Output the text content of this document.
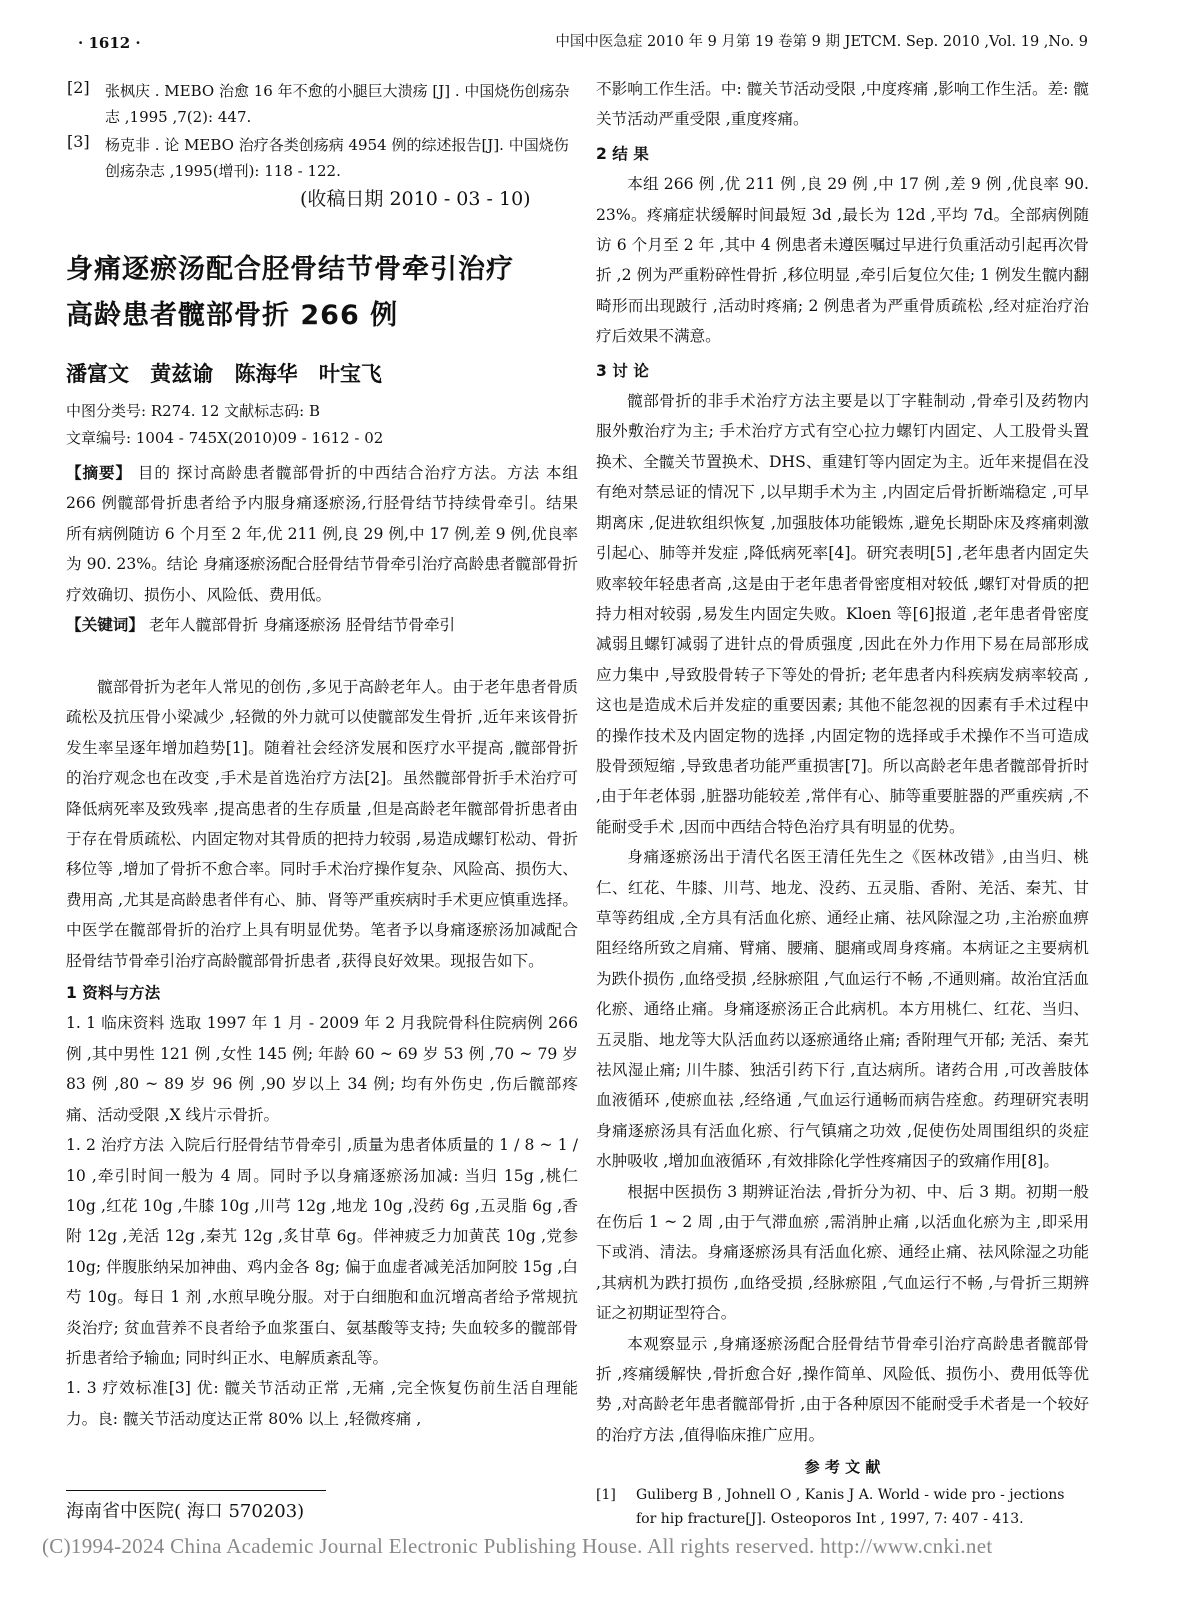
· 1612 ·	中国中医急症 2010 年 9 月第 19 卷第 9 期 JETCM. Sep. 2010 ,Vol. 19 ,No. 9
[2]	张枫庆 . MEBO 治愈 16 年不愈的小腿巨大溃疡 [J] . 中国烧伤创疡杂志 ,1995 ,7(2): 447.

[3]	杨克非 . 论 MEBO 治疗各类创疡病 4954 例的综述报告[J]. 中国烧伤创疡杂志 ,1995(增刊): 118 - 122.

(收稿日期 2010 - 03 - 10)
身痛逐瘀汤配合胫骨结节骨牵引治疗
高龄患者髋部骨折 266 例
潘富文 黄兹谕 陈海华 叶宝飞
中图分类号: R274. 12 文献标志码: B
文章编号: 1004 - 745X(2010)09 - 1612 - 02

【摘要】 目的 探讨高龄患者髋部骨折的中西结合治疗方法。方法 本组 266 例髋部骨折患者给予内服身痛逐瘀汤,行胫骨结节持续骨牵引。结果 所有病例随访 6 个月至 2 年,优 211 例,良 29 例,中 17 例,差 9 例,优良率为 90. 23%。结论 身痛逐瘀汤配合胫骨结节骨牵引治疗高龄患者髋部骨折疗效确切、损伤小、风险低、费用低。

【关键词】 老年人髋部骨折 身痛逐瘀汤 胫骨结节骨牵引

髋部骨折为老年人常见的创伤 ,多见于高龄老年人。由于老年患者骨质疏松及抗压骨小梁减少 ,轻微的外力就可以使髋部发生骨折 ,近年来该骨折发生率呈逐年增加趋势[1]。随着社会经济发展和医疗水平提高 ,髋部骨折的治疗观念也在改变 ,手术是首选治疗方法[2]。虽然髋部骨折手术治疗可降低病死率及致残率 ,提高患者的生存质量 ,但是高龄老年髋部骨折患者由于存在骨质疏松、内固定物对其骨质的把持力较弱 ,易造成螺钉松动、骨折移位等 ,增加了骨折不愈合率。同时手术治疗操作复杂、风险高、损伤大、费用高 ,尤其是高龄患者伴有心、肺、肾等严重疾病时手术更应慎重选择。中医学在髋部骨折的治疗上具有明显优势。笔者予以身痛逐瘀汤加减配合胫骨结节骨牵引治疗高龄髋部骨折患者 ,获得良好效果。现报告如下。

1 资料与方法

1. 1 临床资料 选取 1997 年 1 月 - 2009 年 2 月我院骨科住院病例 266 例 ,其中男性 121 例 ,女性 145 例; 年龄 60 ~ 69 岁 53 例 ,70 ~ 79 岁 83 例 ,80 ~ 89 岁 96 例 ,90 岁以上 34 例; 均有外伤史 ,伤后髋部疼痛、活动受限 ,X 线片示骨折。

1. 2 治疗方法 入院后行胫骨结节骨牵引 ,质量为患者体质量的 1 / 8 ~ 1 / 10 ,牵引时间一般为 4 周。同时予以身痛逐瘀汤加减: 当归 15g ,桃仁 10g ,红花 10g ,牛膝 10g ,川芎 12g ,地龙 10g ,没药 6g ,五灵脂 6g ,香附 12g ,羌活 12g ,秦艽 12g ,炙甘草 6g。伴神疲乏力加黄芪 10g ,党参 10g; 伴腹胀纳呆加神曲、鸡内金各 8g; 偏于血虚者减羌活加阿胶 15g ,白芍 10g。每日 1 剂 ,水煎早晚分服。对于白细胞和血沉增高者给予常规抗炎治疗; 贫血营养不良者给予血浆蛋白、氨基酸等支持; 失血较多的髋部骨折患者给予输血; 同时纠正水、电解质紊乱等。

1. 3 疗效标准[3] 优: 髋关节活动正常 ,无痛 ,完全恢复伤前生活自理能力。良: 髋关节活动度达正常 80% 以上 ,轻微疼痛 ,

海南省中医院( 海口 570203)

不影响工作生活。中: 髋关节活动受限 ,中度疼痛 ,影响工作生活。差: 髋关节活动严重受限 ,重度疼痛。

2 结 果

本组 266 例 ,优 211 例 ,良 29 例 ,中 17 例 ,差 9 例 ,优良率 90. 23%。疼痛症状缓解时间最短 3d ,最长为 12d ,平均 7d。全部病例随访 6 个月至 2 年 ,其中 4 例患者未遵医嘱过早进行负重活动引起再次骨折 ,2 例为严重粉碎性骨折 ,移位明显 ,牵引后复位欠佳; 1 例发生髋内翻畸形而出现跛行 ,活动时疼痛; 2 例患者为严重骨质疏松 ,经对症治疗治疗后效果不满意。

3 讨 论

髋部骨折的非手术治疗方法主要是以丁字鞋制动 ,骨牵引及药物内服外敷治疗为主; 手术治疗方式有空心拉力螺钉内固定、人工股骨头置换术、全髋关节置换术、DHS、重建钉等内固定为主。近年来提倡在没有绝对禁忌证的情况下 ,以早期手术为主 ,内固定后骨折断端稳定 ,可早期离床 ,促进软组织恢复 ,加强肢体功能锻炼 ,避免长期卧床及疼痛刺激引起心、肺等并发症 ,降低病死率[4]。研究表明[5] ,老年患者内固定失败率较年轻患者高 ,这是由于老年患者骨密度相对较低 ,螺钉对骨质的把持力相对较弱 ,易发生内固定失败。Kloen 等[6]报道 ,老年患者骨密度减弱且螺钉减弱了进针点的骨质强度 ,因此在外力作用下易在局部形成应力集中 ,导致股骨转子下等处的骨折; 老年患者内科疾病发病率较高 ,这也是造成术后并发症的重要因素; 其他不能忽视的因素有手术过程中的操作技术及内固定物的选择 ,内固定物的选择或手术操作不当可造成股骨颈短缩 ,导致患者功能严重损害[7]。所以高龄老年患者髋部骨折时 ,由于年老体弱 ,脏器功能较差 ,常伴有心、肺等重要脏器的严重疾病 ,不能耐受手术 ,因而中西结合特色治疗具有明显的优势。

身痛逐瘀汤出于清代名医王清任先生之《医林改错》,由当归、桃仁、红花、牛膝、川芎、地龙、没药、五灵脂、香附、羌活、秦艽、甘草等药组成 ,全方具有活血化瘀、通经止痛、祛风除湿之功 ,主治瘀血痹阻经络所致之肩痛、臂痛、腰痛、腿痛或周身疼痛。本病证之主要病机为跌仆损伤 ,血络受损 ,经脉瘀阻 ,气血运行不畅 ,不通则痛。故治宜活血化瘀、通络止痛。身痛逐瘀汤正合此病机。本方用桃仁、红花、当归、五灵脂、地龙等大队活血药以逐瘀通络止痛; 香附理气开郁; 羌活、秦艽祛风湿止痛; 川牛膝、独活引药下行 ,直达病所。诸药合用 ,可改善肢体血液循环 ,使瘀血祛 ,经络通 ,气血运行通畅而病告痊愈。药理研究表明身痛逐瘀汤具有活血化瘀、行气镇痛之功效 ,促使伤处周围组织的炎症水肿吸收 ,增加血液循环 ,有效排除化学性疼痛因子的致痛作用[8]。

根据中医损伤 3 期辨证治法 ,骨折分为初、中、后 3 期。初期一般在伤后 1 ~ 2 周 ,由于气滞血瘀 ,需消肿止痛 ,以活血化瘀为主 ,即采用下或消、清法。身痛逐瘀汤具有活血化瘀、通经止痛、祛风除湿之功能 ,其病机为跌打损伤 ,血络受损 ,经脉瘀阻 ,气血运行不畅 ,与骨折三期辨证之初期证型符合。

本观察显示 ,身痛逐瘀汤配合胫骨结节骨牵引治疗高龄患者髋部骨折 ,疼痛缓解快 ,骨折愈合好 ,操作简单、风险低、损伤小、费用低等优势 ,对高龄老年患者髋部骨折 ,由于各种原因不能耐受手术者是一个较好的治疗方法 ,值得临床推广应用。

参 考 文 献

[1]	Guliberg B , Johnell O , Kanis J A. World - wide pro - jections for hip fracture[J]. Osteoporos Int , 1997, 7: 407 - 413.
(C)1994-2024 China Academic Journal Electronic Publishing House. All rights reserved. http://www.cnki.net
